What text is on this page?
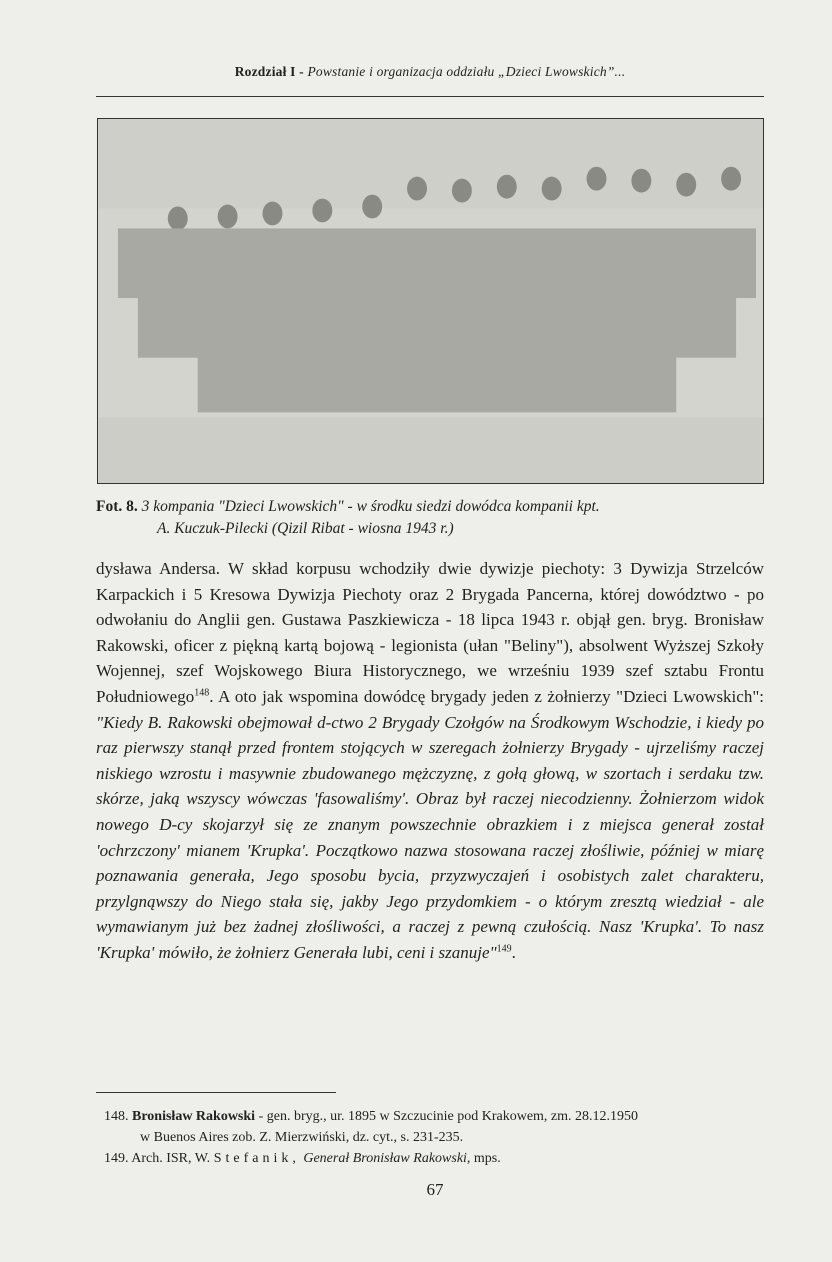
Rozdział I - Powstanie i organizacja oddziału „Dzieci Lwowskich”...
Fot. 8. 3 kompania "Dzieci Lwowskich" - w środku siedzi dowódca kompanii kpt.
A. Kuczuk-Pilecki (Qizil Ribat - wiosna 1943 r.)

dysława Andersa. W skład korpusu wchodziły dwie dywizje piechoty: 3 Dywizja Strzelców Karpackich i 5 Kresowa Dywizja Piechoty oraz 2 Brygada Pancerna, której dowództwo - po odwołaniu do Anglii gen. Gustawa Paszkiewicza - 18 lipca 1943 r. objął gen. bryg. Bronisław Rakowski, oficer z piękną kartą bojową - legionista (ułan "Beliny"), absolwent Wyższej Szkoły Wojennej, szef Wojskowego Biura Historycznego, we wrześniu 1939 szef sztabu Frontu Południowego$^{148}$. A oto jak wspomina dowódcę brygady jeden z żołnierzy "Dzieci Lwowskich": "Kiedy B. Rakowski obejmował d-ctwo 2 Brygady Czołgów na Środkowym Wschodzie, i kiedy po raz pierwszy stanął przed frontem stojących w szeregach żołnierzy Brygady - ujrzeliśmy raczej niskiego wzrostu i masywnie zbudowanego mężczyznę, z gołą głową, w szortach i serdaku tzw. skórze, jaką wszyscy wówczas 'fasowaliśmy'. Obraz był raczej niecodzienny. Żołnierzom widok nowego D-cy skojarzył się ze znanym powszechnie obrazkiem i z miejsca generał został 'ochrzczony' mianem 'Krupka'. Początkowo nazwa stosowana raczej złośliwie, później w miarę poznawania generała, Jego sposobu bycia, przyzwyczajeń i osobistych zalet charakteru, przylgnąwszy do Niego stała się, jakby Jego przydomkiem - o którym zresztą wiedział - ale wymawianym już bez żadnej złośliwości, a raczej z pewną czułością. Nasz 'Krupka'. To nasz 'Krupka' mówiło, że żołnierz Generała lubi, ceni i szanuje"$^{149}$.

148. Bronisław Rakowski - gen. bryg., ur. 1895 w Szczucinie pod Krakowem, zm. 28.12.1950
w Buenos Aires zob. Z. Mierzwiński, dz. cyt., s. 231-235.
149. Arch. ISR, W. Stefanik, Generał Bronisław Rakowski, mps.
67
